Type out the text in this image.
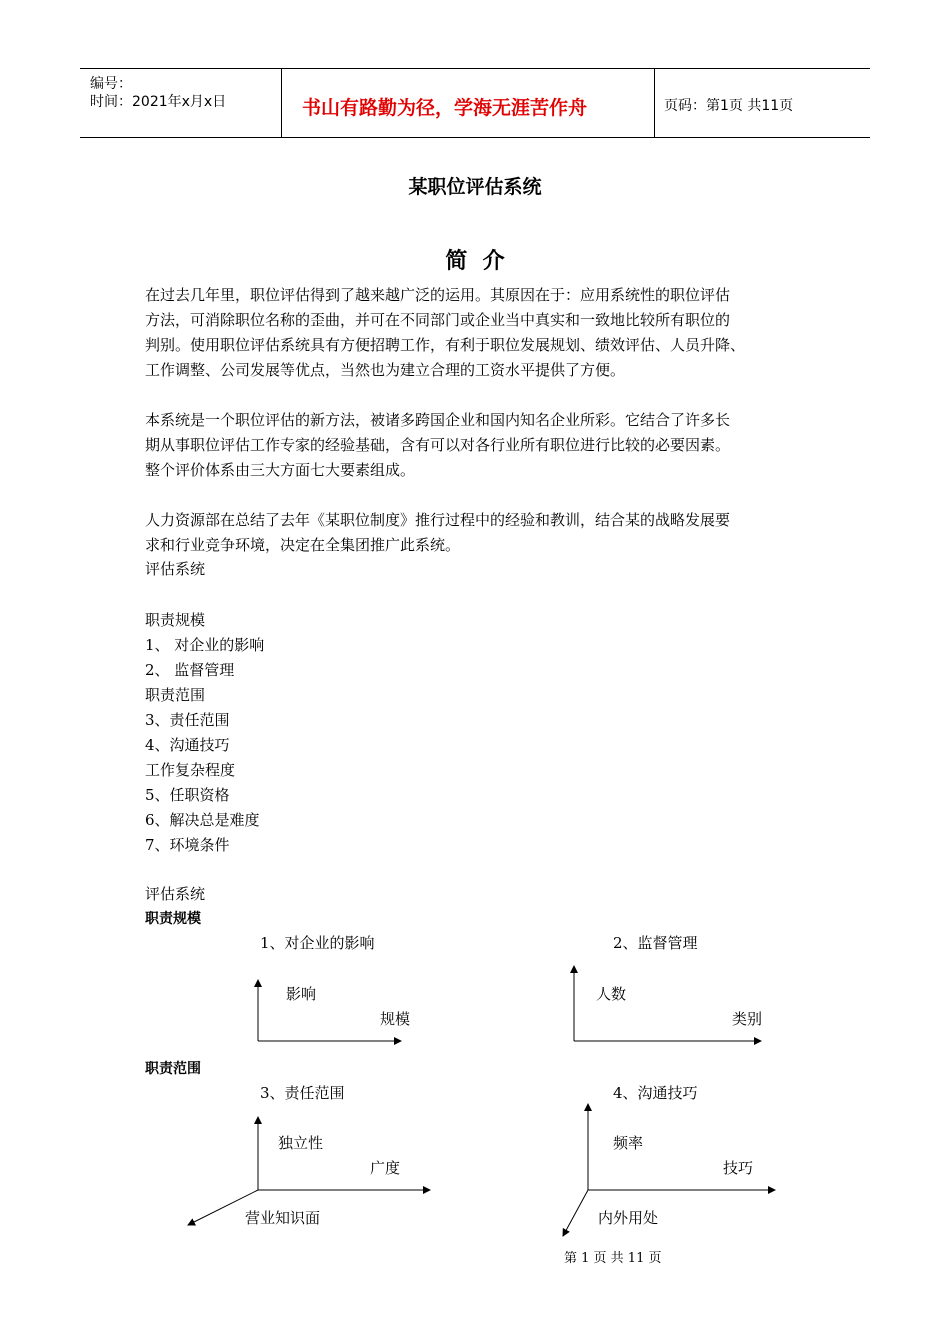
编号：
时间：2021年x月x日	书山有路勤为径，学海无涯苦作舟	页码：第1页 共11页
某职位评估系统
简  介
在过去几年里，职位评估得到了越来越广泛的运用。其原因在于：应用系统性的职位评估
方法，可消除职位名称的歪曲，并可在不同部门或企业当中真实和一致地比较所有职位的
判别。使用职位评估系统具有方便招聘工作，有利于职位发展规划、绩效评估、人员升降、
工作调整、公司发展等优点，当然也为建立合理的工资水平提供了方便。
本系统是一个职位评估的新方法，被诸多跨国企业和国内知名企业所彩。它结合了许多长
期从事职位评估工作专家的经验基础，含有可以对各行业所有职位进行比较的必要因素。
整个评价体系由三大方面七大要素组成。
人力资源部在总结了去年《某职位制度》推行过程中的经验和教训，结合某的战略发展要
求和行业竞争环境，决定在全集团推广此系统。
评估系统
职责规模
1、 对企业的影响
2、 监督管理
职责范围
3、责任范围
4、沟通技巧
工作复杂程度
5、任职资格
6、解决总是难度
7、环境条件
评估系统
职责规模
职责范围
1、对企业的影响
影响
规模
2、监督管理
人数
类别
3、责任范围
独立性
广度
营业知识面
4、沟通技巧
频率
技巧
内外用处
第 1 页 共 11 页
